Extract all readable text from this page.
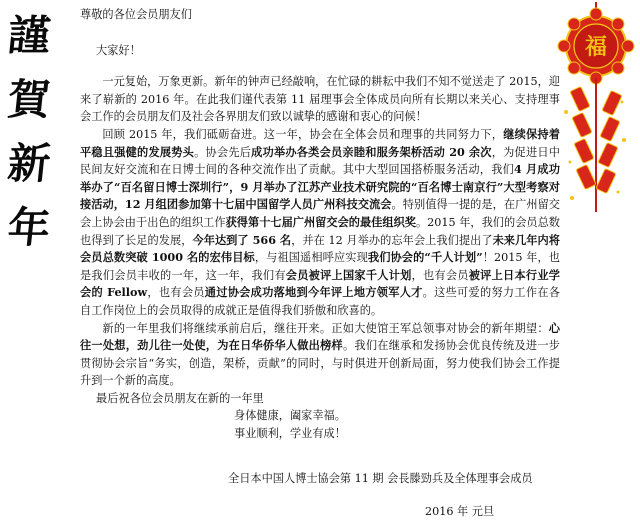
謹
賀
新
年
福

尊敬的各位会员朋友们

大家好！

一元复始，万象更新。新年的钟声已经敲响，在忙碌的耕耘中我们不知不觉送走了 2015，迎来了崭新的 2016 年。在此我们谨代表第 11 届理事会全体成员向所有长期以来关心、支持理事会工作的会员朋友们及社会各界朋友们致以诚挚的感谢和衷心的问候！

回顾 2015 年，我们砥砺奋进。这一年，协会在全体会员和理事的共同努力下，继续保持着平稳且强健的发展势头。协会先后成功举办各类会员亲睦和服务架桥活动 20 余次，为促进日中民间友好交流和在日博士间的各种交流作出了贡献。其中大型回国搭桥服务活动，我们4 月成功举办了“百名留日博士深圳行”，9 月举办了江苏产业技术研究院的“百名博士南京行”大型考察对接活动，12 月组团参加第十七届中国留学人员广州科技交流会。特别值得一提的是，在广州留交会上协会由于出色的组织工作获得第十七届广州留交会的最佳组织奖。2015 年，我们的会员总数也得到了长足的发展，今年达到了 566 名，并在 12 月举办的忘年会上我们提出了未来几年内将会员总数突破 1000 名的宏伟目标，与祖国遥相呼应实现我们协会的“千人计划”！2015 年，也是我们会员丰收的一年，这一年，我们有会员被评上国家千人计划，也有会员被评上日本行业学会的 Fellow，也有会员通过协会成功落地到今年评上地方领军人才。这些可爱的努力工作在各自工作岗位上的会员取得的成就正是值得我们骄傲和欣喜的。

新的一年里我们将继续承前启后，继往开来。正如大使馆王军总领事对协会的新年期望：心往一处想，劲儿往一处使，为在日华侨华人做出榜样。我们在继承和发扬协会优良传统及进一步贯彻协会宗旨“务实，创造，架桥，贡献”的同时，与时俱进开创新局面，努力使我们协会工作提升到一个新的高度。

最后祝各位会员朋友在新的一年里

身体健康，阖家幸福。

事业顺利，学业有成！

全日本中国人博士協会第 11 期 会長滕勁兵及全体理事会成员
2016 年 元旦
